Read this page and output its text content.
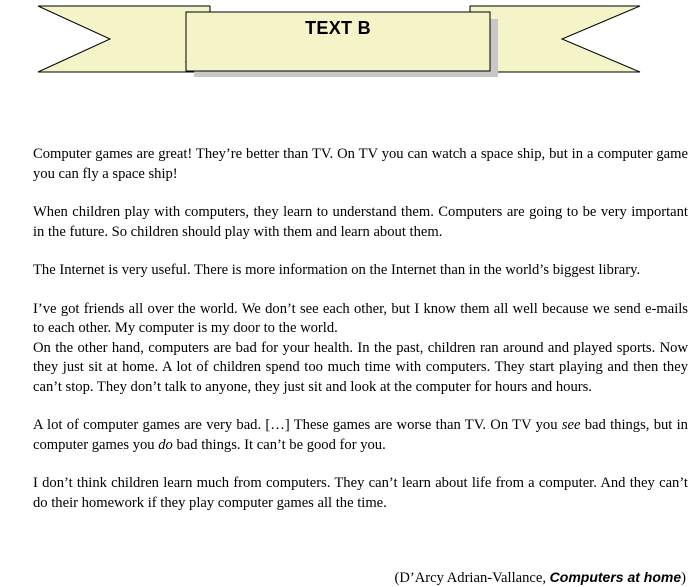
TEXT B

Computer games are great! They’re better than TV. On TV you can watch a space ship, but in a computer game you can fly a space ship!

When children play with computers, they learn to understand them. Computers are going to be very important in the future. So children should play with them and learn about them.

The Internet is very useful. There is more information on the Internet than in the world’s biggest library.

I’ve got friends all over the world. We don’t see each other, but I know them all well because we send e-mails to each other. My computer is my door to the world.

On the other hand, computers are bad for your health. In the past, children ran around and played sports. Now they just sit at home. A lot of children spend too much time with computers. They start playing and then they can’t stop. They don’t talk to anyone, they just sit and look at the computer for hours and hours.

A lot of computer games are very bad. […] These games are worse than TV. On TV you see bad things, but in computer games you do bad things. It can’t be good for you.

I don’t think children learn much from computers. They can’t learn about life from a computer. And they can’t do their homework if they play computer games all the time.

(D’Arcy Adrian-Vallance, Computers at home)
